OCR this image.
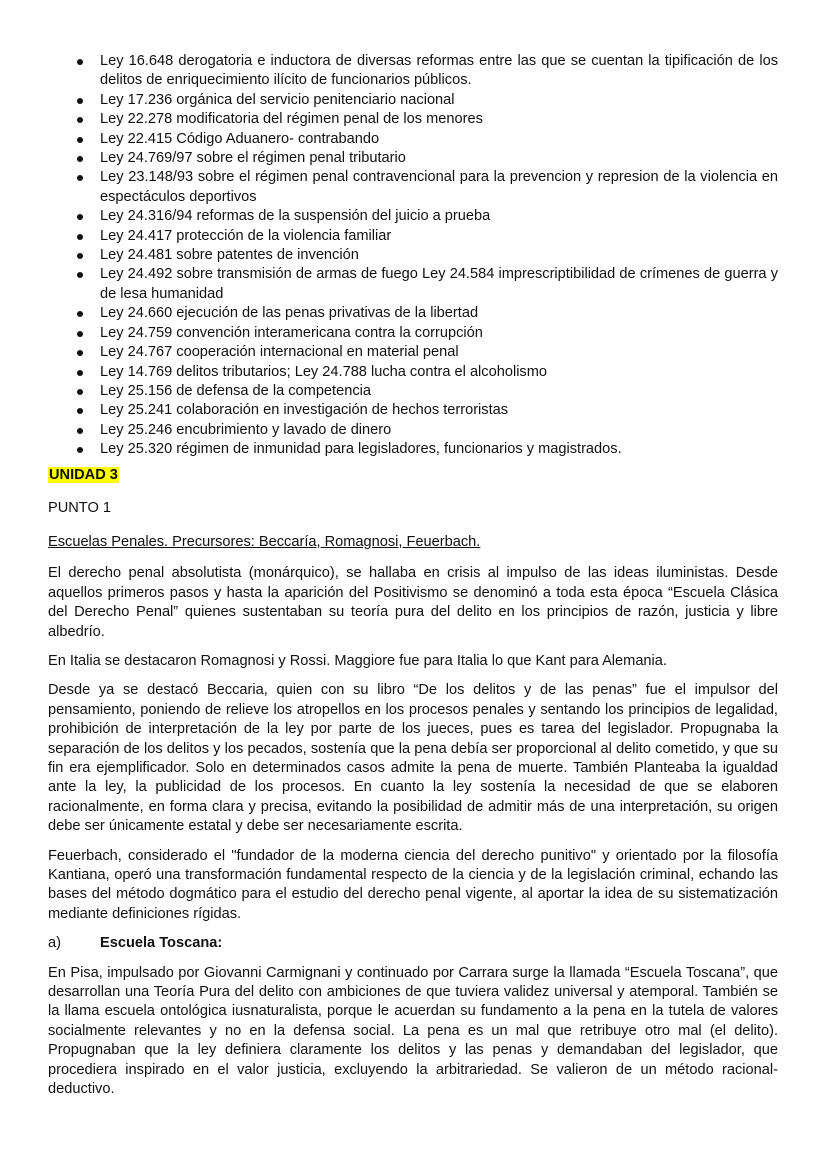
Ley 16.648 derogatoria e inductora de diversas reformas entre las que se cuentan la tipificación de los delitos de enriquecimiento ilícito de funcionarios públicos.
Ley 17.236 orgánica del servicio penitenciario nacional
Ley 22.278 modificatoria del régimen penal de los menores
Ley 22.415 Código Aduanero- contrabando
Ley 24.769/97 sobre el régimen penal tributario
Ley 23.148/93 sobre el régimen penal contravencional para la prevencion y represion de la violencia en espectáculos deportivos
Ley 24.316/94 reformas de la suspensión del juicio a prueba
Ley 24.417 protección de la violencia familiar
Ley 24.481 sobre patentes de invención
Ley 24.492 sobre transmisión de armas de fuego Ley 24.584 imprescriptibilidad de crímenes de guerra y de lesa humanidad
Ley 24.660 ejecución de las penas privativas de la libertad
Ley 24.759 convención interamericana contra la corrupción
Ley 24.767 cooperación internacional en material penal
Ley 14.769 delitos tributarios; Ley 24.788 lucha contra el alcoholismo
Ley 25.156 de defensa de la competencia
Ley 25.241 colaboración en investigación de hechos terroristas
Ley 25.246 encubrimiento y lavado de dinero
Ley 25.320 régimen de inmunidad para legisladores, funcionarios y magistrados.
UNIDAD 3
PUNTO 1
Escuelas Penales. Precursores: Beccaría, Romagnosi, Feuerbach.

El derecho penal absolutista (monárquico), se hallaba en crisis al impulso de las ideas iluministas. Desde aquellos primeros pasos y hasta la aparición del Positivismo se denominó a toda esta época “Escuela Clásica del Derecho Penal” quienes sustentaban su teoría pura del delito en los principios de razón, justicia y libre albedrío.

En Italia se destacaron Romagnosi y Rossi. Maggiore fue para Italia lo que Kant para Alemania.

Desde ya se destacó Beccaria, quien con su libro “De los delitos y de las penas” fue el impulsor del pensamiento, poniendo de relieve los atropellos en los procesos penales y sentando los principios de legalidad, prohibición de interpretación de la ley por parte de los jueces, pues es tarea del legislador. Propugnaba la separación de los delitos y los pecados, sostenía que la pena debía ser proporcional al delito cometido, y que su fin era ejemplificador. Solo en determinados casos admite la pena de muerte. También Planteaba la igualdad ante la ley, la publicidad de los procesos. En cuanto la ley sostenía la necesidad de que se elaboren racionalmente, en forma clara y precisa, evitando la posibilidad de admitir más de una interpretación, su origen debe ser únicamente estatal y debe ser necesariamente escrita.

Feuerbach, considerado el "fundador de la moderna ciencia del derecho punitivo" y orientado por la filosofía Kantiana, operó una transformación fundamental respecto de la ciencia y de la legislación criminal, echando las bases del método dogmático para el estudio del derecho penal vigente, al aportar la idea de su sistematización mediante definiciones rígidas.

a)	Escuela Toscana:

En Pisa, impulsado por Giovanni Carmignani y continuado por Carrara surge la llamada “Escuela Toscana”, que desarrollan una Teoría Pura del delito con ambiciones de que tuviera validez universal y atemporal. También se la llama escuela ontológica iusnaturalista, porque le acuerdan su fundamento a la pena en la tutela de valores socialmente relevantes y no en la defensa social. La pena es un mal que retribuye otro mal (el delito). Propugnaban que la ley definiera claramente los delitos y las penas y demandaban del legislador, que procediera inspirado en el valor justicia, excluyendo la arbitrariedad. Se valieron de un método racional-deductivo.
